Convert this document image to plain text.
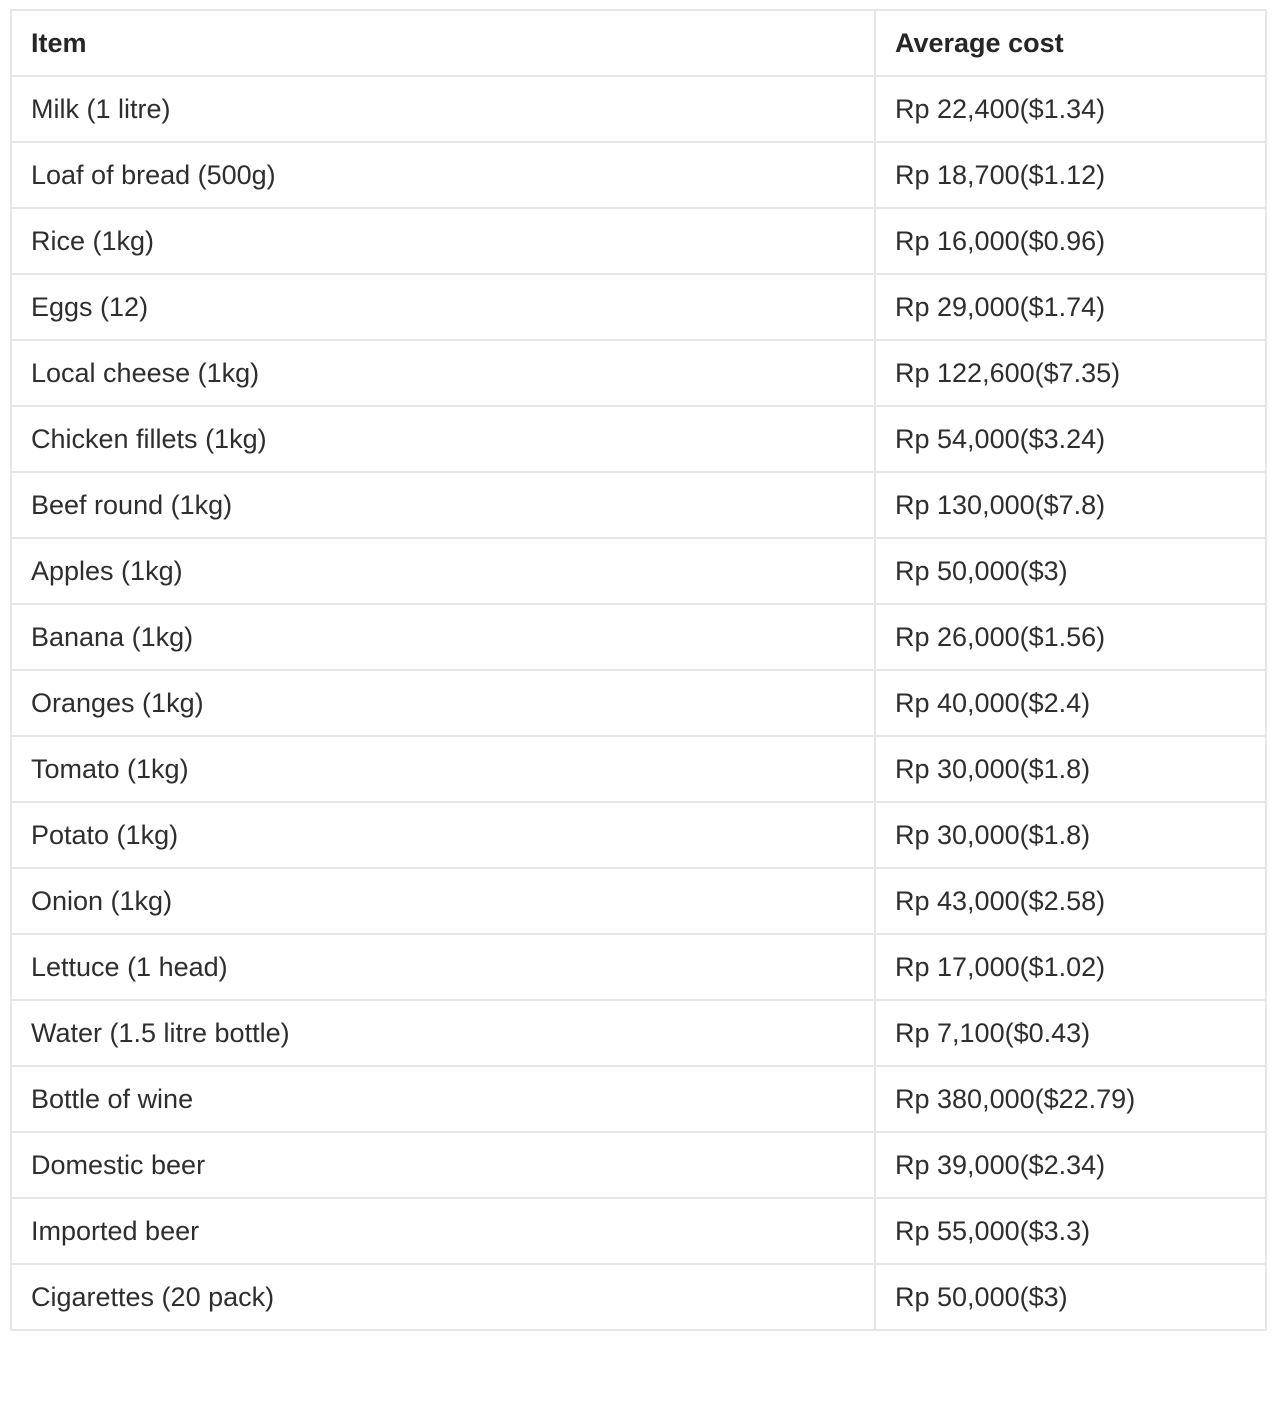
Item	Average cost
Milk (1 litre)	Rp 22,400($1.34)
Loaf of bread (500g)	Rp 18,700($1.12)
Rice (1kg)	Rp 16,000($0.96)
Eggs (12)	Rp 29,000($1.74)
Local cheese (1kg)	Rp 122,600($7.35)
Chicken fillets (1kg)	Rp 54,000($3.24)
Beef round (1kg)	Rp 130,000($7.8)
Apples (1kg)	Rp 50,000($3)
Banana (1kg)	Rp 26,000($1.56)
Oranges (1kg)	Rp 40,000($2.4)
Tomato (1kg)	Rp 30,000($1.8)
Potato (1kg)	Rp 30,000($1.8)
Onion (1kg)	Rp 43,000($2.58)
Lettuce (1 head)	Rp 17,000($1.02)
Water (1.5 litre bottle)	Rp 7,100($0.43)
Bottle of wine	Rp 380,000($22.79)
Domestic beer	Rp 39,000($2.34)
Imported beer	Rp 55,000($3.3)
Cigarettes (20 pack)	Rp 50,000($3)
